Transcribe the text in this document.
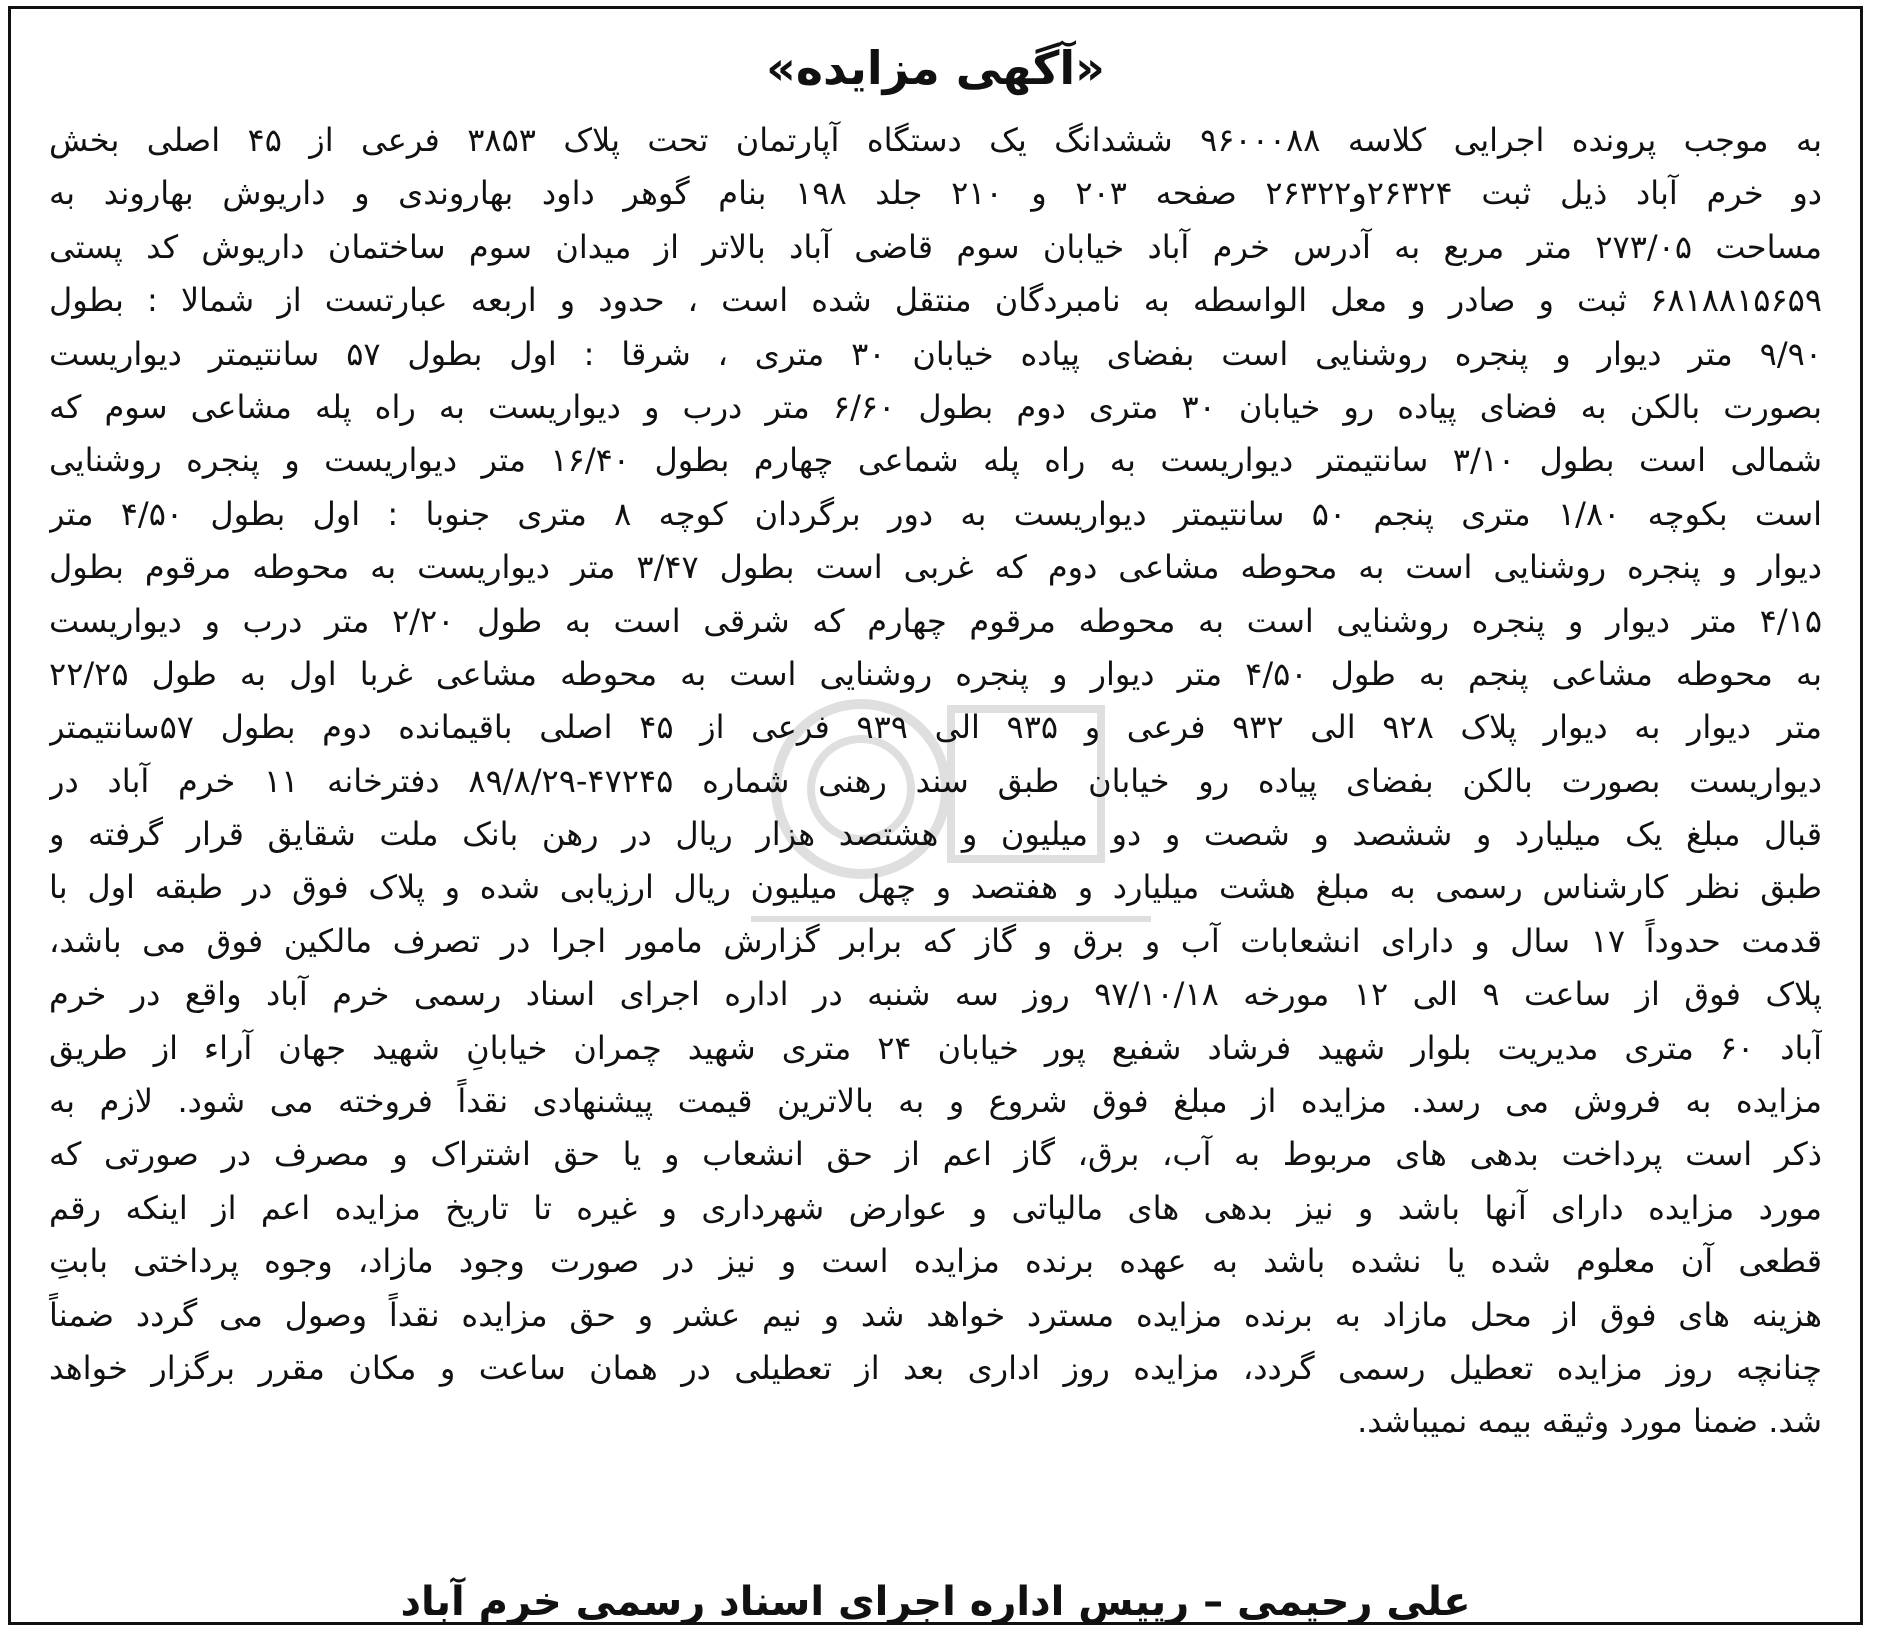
«آگهی مزایده»
به موجب پرونده اجرایی کلاسه ۹۶۰۰۰۸۸ ششدانگ یک دستگاه آپارتمان تحت پلاک ۳۸۵۳ فرعی از ۴۵ اصلی بخش
دو خرم آباد ذیل ثبت ۲۶۳۲۴و۲۶۳۲۲ صفحه ۲۰۳ و ۲۱۰ جلد ۱۹۸ بنام گوهر داود بهاروندی و داریوش بهاروند به
مساحت ۲۷۳/۰۵ متر مربع به آدرس خرم آباد خیابان سوم قاضی آباد بالاتر از میدان سوم ساختمان داریوش کد پستی
۶۸۱۸۸۱۵۶۵۹ ثبت و صادر و معل الواسطه به نامبردگان منتقل شده است ، حدود و اربعه عبارتست از شمالا : بطول
۹/۹۰ متر دیوار و پنجره روشنایی است بفضای پیاده خیابان ۳۰ متری ، شرقا : اول بطول ۵۷ سانتیمتر دیواریست
بصورت بالکن به فضای پیاده رو خیابان ۳۰ متری دوم بطول ۶/۶۰ متر درب و دیواریست به راه پله مشاعی سوم که
شمالی است بطول ۳/۱۰ سانتیمتر دیواریست به راه پله شماعی چهارم بطول ۱۶/۴۰ متر دیواریست و پنجره روشنایی
است بکوچه ۱/۸۰ متری پنجم ۵۰ سانتیمتر دیواریست به دور برگردان کوچه ۸ متری جنوبا : اول بطول ۴/۵۰ متر
دیوار و پنجره روشنایی است به محوطه مشاعی دوم که غربی است بطول ۳/۴۷ متر دیواریست به محوطه مرقوم بطول
۴/۱۵ متر دیوار و پنجره روشنایی است به محوطه مرقوم چهارم که شرقی است به طول ۲/۲۰ متر درب و دیواریست
به محوطه مشاعی پنجم به طول ۴/۵۰ متر دیوار و پنجره روشنایی است به محوطه مشاعی غربا اول به طول ۲۲/۲۵
متر دیوار به دیوار پلاک ۹۲۸ الی ۹۳۲ فرعی و ۹۳۵ الی ۹۳۹ فرعی از ۴۵ اصلی باقیمانده دوم بطول ۵۷سانتیمتر
دیواریست بصورت بالکن بفضای پیاده رو خیابان طبق سند رهنی شماره ۴۷۲۴۵-۸۹/۸/۲۹ دفترخانه ۱۱ خرم آباد در
قبال مبلغ یک میلیارد و ششصد و شصت و دو میلیون و هشتصد هزار ریال در رهن بانک ملت شقایق قرار گرفته و
طبق نظر کارشناس رسمی به مبلغ هشت میلیارد و هفتصد و چهل میلیون ریال ارزیابی شده و پلاک فوق در طبقه اول با
قدمت حدوداً ۱۷ سال و دارای انشعابات آب و برق و گاز که برابر گزارش مامور اجرا در تصرف مالکین فوق می باشد،
پلاک فوق از ساعت ۹ الی ۱۲ مورخه ۹۷/۱۰/۱۸ روز سه شنبه در اداره اجرای اسناد رسمی خرم آباد واقع در خرم
آباد ۶۰ متری مدیریت بلوار شهید فرشاد شفیع پور خیابان ۲۴ متری شهید چمران خیابانِ شهید جهان آراء از طریق
مزایده به فروش می رسد. مزایده از مبلغ فوق شروع و به بالاترین قیمت پیشنهادی نقداً فروخته می شود. لازم به
ذکر است پرداخت بدهی های مربوط به آب، برق، گاز اعم از حق انشعاب و یا حق اشتراک و مصرف در صورتی که
مورد مزایده دارای آنها باشد و نیز بدهی های مالیاتی و عوارض شهرداری و غیره تا تاریخ مزایده اعم از اینکه رقم
قطعی آن معلوم شده یا نشده باشد به عهده برنده مزایده است و نیز در صورت وجود مازاد، وجوه پرداختی بابتِ
هزینه های فوق از محل مازاد به برنده مزایده مسترد خواهد شد و نیم عشر و حق مزایده نقداً وصول می گردد ضمناً
چنانچه روز مزایده تعطیل رسمی گردد، مزایده روز اداری بعد از تعطیلی در همان ساعت و مکان مقرر برگزار خواهد
شد. ضمنا مورد وثیقه بیمه نمیباشد.
علی رحیمی – رییس اداره اجرای اسناد رسمی خرم آباد
